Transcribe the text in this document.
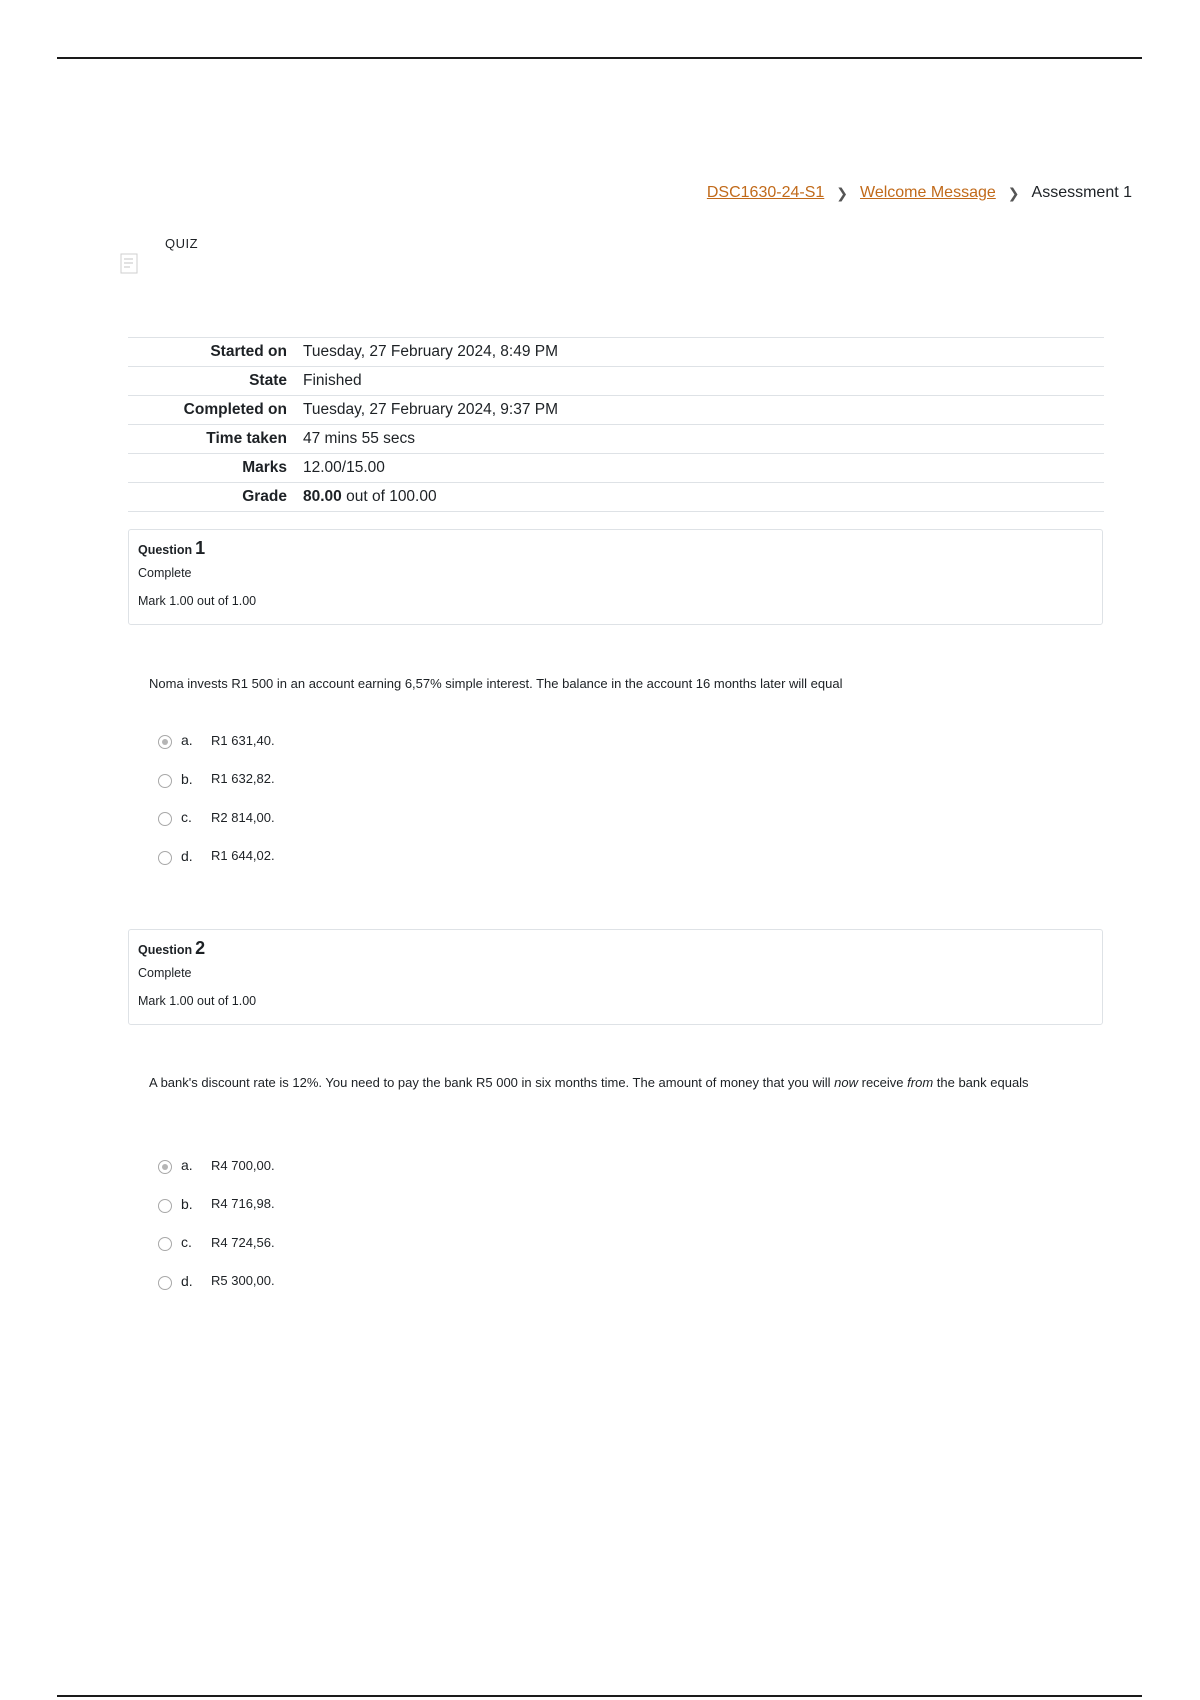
DSC1630-24-S1 ❯ Welcome Message ❯ Assessment 1
QUIZ
Started on	Tuesday, 27 February 2024, 8:49 PM
State	Finished
Completed on	Tuesday, 27 February 2024, 9:37 PM
Time taken	47 mins 55 secs
Marks	12.00/15.00
Grade	80.00 out of 100.00
Question 1
Complete
Mark 1.00 out of 1.00
Noma invests R1 500 in an account earning 6,57% simple interest. The balance in the account 16 months later will equal
a.	R1 631,40.
b.	R1 632,82.
c.	R2 814,00.
d.	R1 644,02.
Question 2
Complete
Mark 1.00 out of 1.00
A bank's discount rate is 12%. You need to pay the bank R5 000 in six months time. The amount of money that you will now receive from the bank equals
a.	R4 700,00.
b.	R4 716,98.
c.	R4 724,56.
d.	R5 300,00.
